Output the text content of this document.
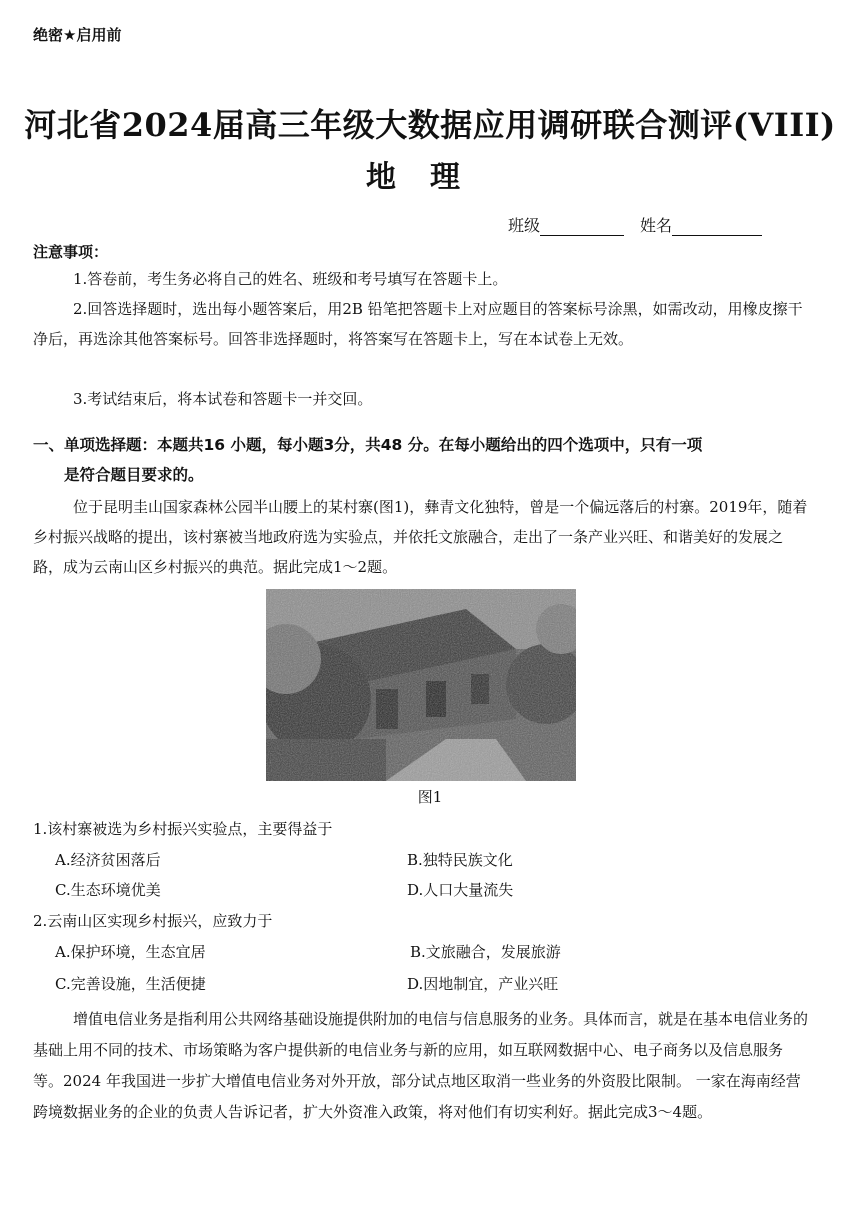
绝密★启用前
河北省2024届高三年级大数据应用调研联合测评(VIII)
地理
班级	姓名
注意事项：
1.答卷前，考生务必将自己的姓名、班级和考号填写在答题卡上。
2.回答选择题时，选出每小题答案后，用2B 铅笔把答题卡上对应题目的答案标号涂黑，如需改动，用橡皮擦干净后，再选涂其他答案标号。回答非选择题时，将答案写在答题卡上，写在本试卷上无效。
3.考试结束后，将本试卷和答题卡一并交回。
一、单项选择题：本题共16 小题，每小题3分，共48 分。在每小题给出的四个选项中，只有一项
是符合题目要求的。
位于昆明圭山国家森林公园半山腰上的某村寨(图1)，彝青文化独特，曾是一个偏远落后的村寨。2019年，随着乡村振兴战略的提出，该村寨被当地政府选为实验点，并依托文旅融合，走出了一条产业兴旺、和谐美好的发展之路，成为云南山区乡村振兴的典范。据此完成1～2题。
图1
1.该村寨被选为乡村振兴实验点，主要得益于
A.经济贫困落后	B.独特民族文化
C.生态环境优美	D.人口大量流失
2.云南山区实现乡村振兴，应致力于
A.保护环境，生态宜居	B.文旅融合，发展旅游
C.完善设施，生活便捷	D.因地制宜，产业兴旺
增值电信业务是指利用公共网络基础设施提供附加的电信与信息服务的业务。具体而言，就是在基本电信业务的基础上用不同的技术、市场策略为客户提供新的电信业务与新的应用，如互联网数据中心、电子商务以及信息服务等。2024 年我国进一步扩大增值电信业务对外开放，部分试点地区取消一些业务的外资股比限制。 一家在海南经营跨境数据业务的企业的负责人告诉记者，扩大外资准入政策，将对他们有切实利好。据此完成3～4题。
